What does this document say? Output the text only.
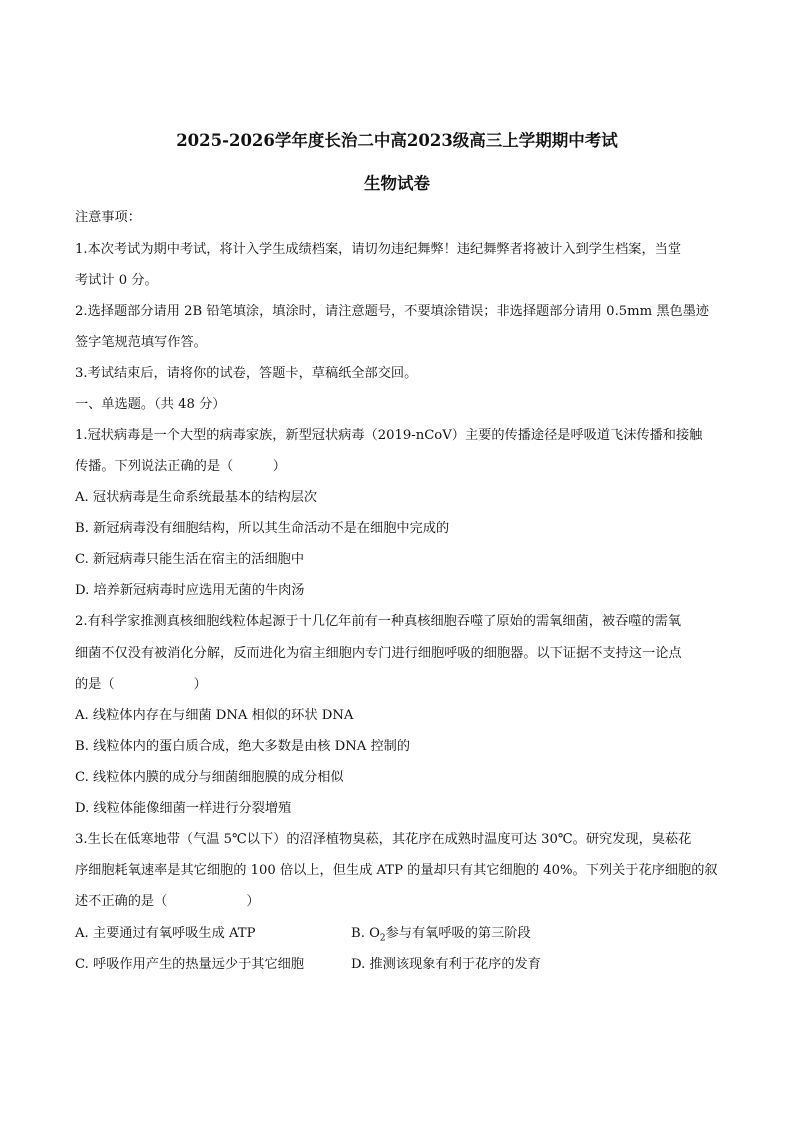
2025-2026学年度长治二中高2023级高三上学期期中考试
生物试卷
注意事项：
1.本次考试为期中考试，将计入学生成绩档案，请切勿违纪舞弊！违纪舞弊者将被计入到学生档案，当堂
考试计 0 分。
2.选择题部分请用 2B 铅笔填涂，填涂时，请注意题号，不要填涂错误；非选择题部分请用 0.5mm 黑色墨迹
签字笔规范填写作答。
3.考试结束后，请将你的试卷，答题卡，草稿纸全部交回。
一、单选题。（共 48 分）
1.冠状病毒是一个大型的病毒家族，新型冠状病毒（2019-nCoV）主要的传播途径是呼吸道飞沫传播和接触
传播。下列说法正确的是（　　　）
A. 冠状病毒是生命系统最基本的结构层次
B. 新冠病毒没有细胞结构，所以其生命活动不是在细胞中完成的
C. 新冠病毒只能生活在宿主的活细胞中
D. 培养新冠病毒时应选用无菌的牛肉汤
2.有科学家推测真核细胞线粒体起源于十几亿年前有一种真核细胞吞噬了原始的需氧细菌，被吞噬的需氧
细菌不仅没有被消化分解，反而进化为宿主细胞内专门进行细胞呼吸的细胞器。以下证据不支持这一论点
的是（　　　　　　）
A. 线粒体内存在与细菌 DNA 相似的环状 DNA
B. 线粒体内的蛋白质合成，绝大多数是由核 DNA 控制的
C. 线粒体内膜的成分与细菌细胞膜的成分相似
D. 线粒体能像细菌一样进行分裂增殖
3.生长在低寒地带（气温 5℃以下）的沼泽植物臭菘，其花序在成熟时温度可达 30℃。研究发现，臭菘花
序细胞耗氧速率是其它细胞的 100 倍以上，但生成 ATP 的量却只有其它细胞的 40%。下列关于花序细胞的叙
述不正确的是（　　　　　　）
A. 主要通过有氧呼吸生成 ATP	B. $O_2$参与有氧呼吸的第三阶段
C. 呼吸作用产生的热量远少于其它细胞	D. 推测该现象有利于花序的发育
